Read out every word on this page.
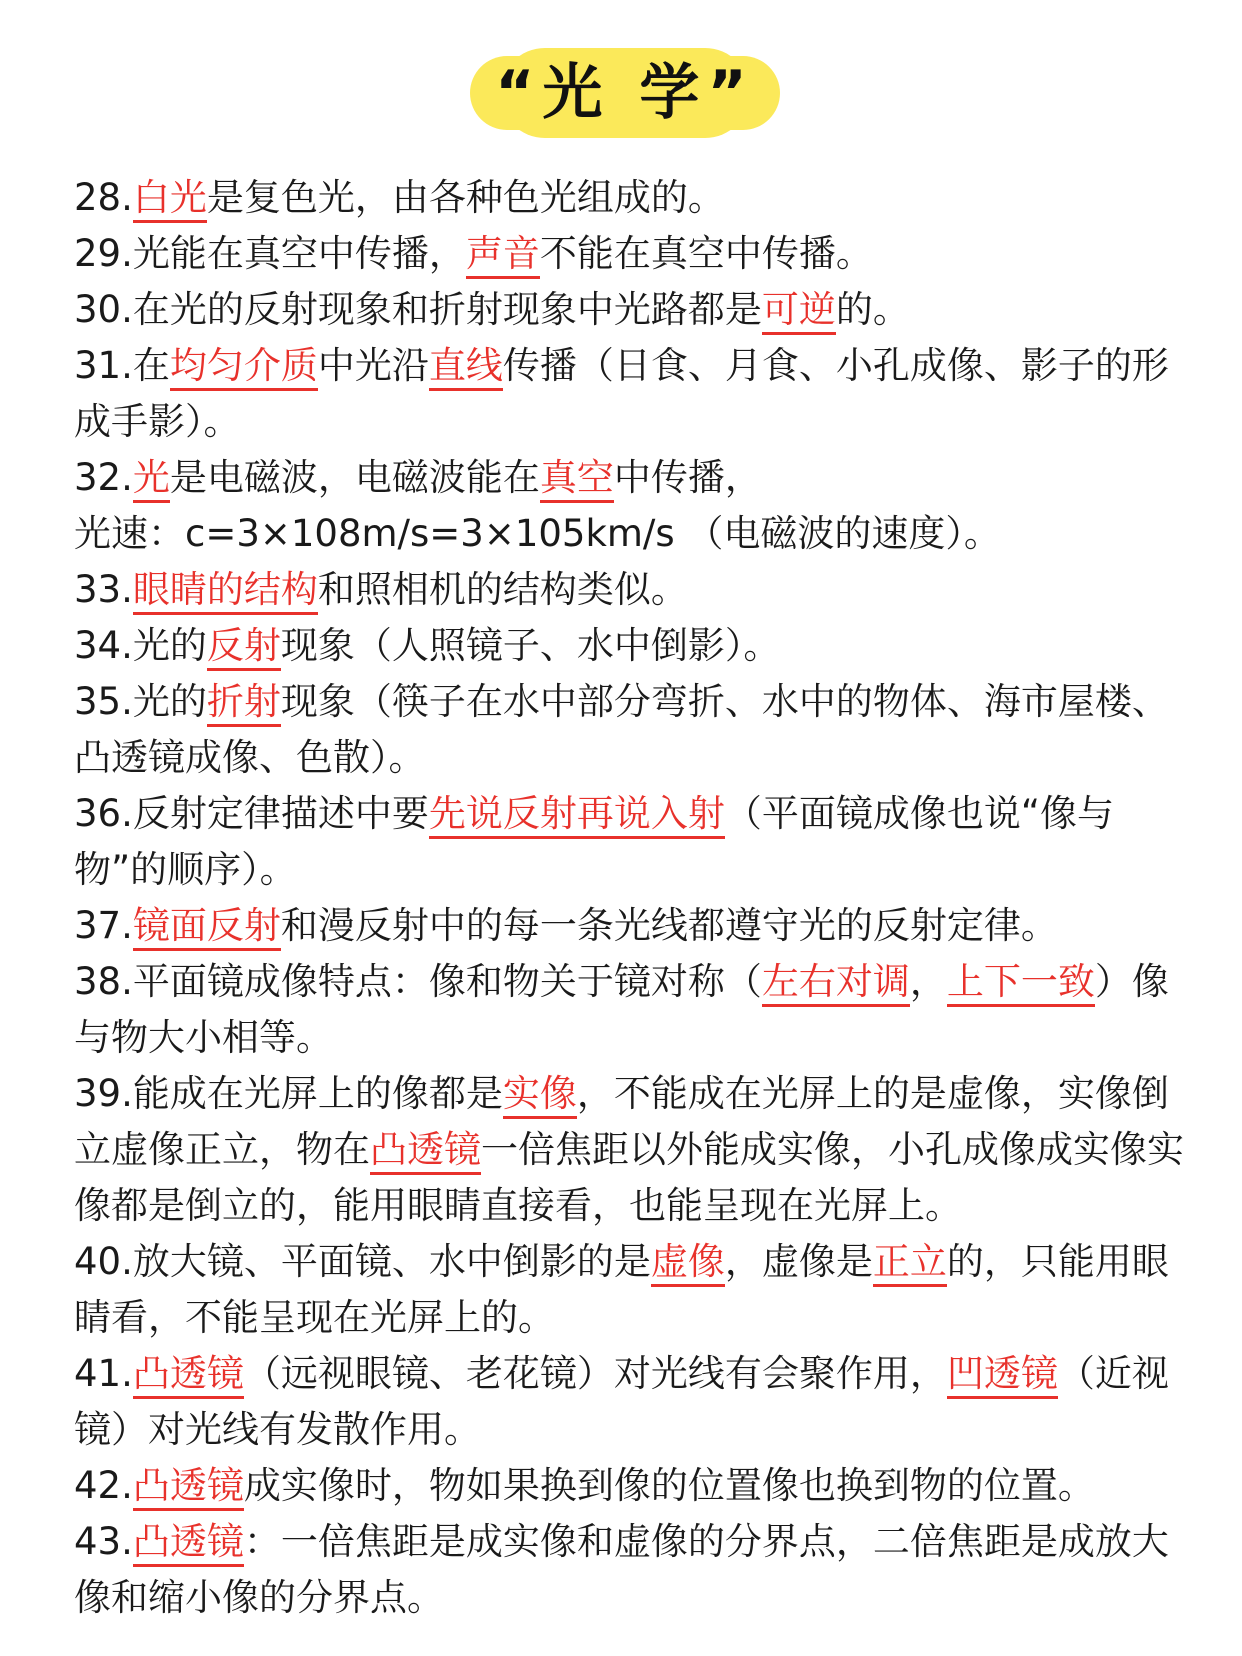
“光 学”

28.白光是复色光，由各种色光组成的。

29.光能在真空中传播，声音不能在真空中传播。

30.在光的反射现象和折射现象中光路都是可逆的。

31.在均匀介质中光沿直线传播（日食、月食、小孔成像、影子的形成手影）。

32.光是电磁波，电磁波能在真空中传播，
光速：c=3×108m/s=3×105km/s （电磁波的速度）。

33.眼睛的结构和照相机的结构类似。

34.光的反射现象（人照镜子、水中倒影）。

35.光的折射现象（筷子在水中部分弯折、水中的物体、海市屋楼、凸透镜成像、色散）。

36.反射定律描述中要先说反射再说入射（平面镜成像也说“像与物”的顺序）。

37.镜面反射和漫反射中的每一条光线都遵守光的反射定律。

38.平面镜成像特点：像和物关于镜对称（左右对调，上下一致）像与物大小相等。

39.能成在光屏上的像都是实像，不能成在光屏上的是虚像，实像倒立虚像正立，物在凸透镜一倍焦距以外能成实像，小孔成像成实像实像都是倒立的，能用眼睛直接看，也能呈现在光屏上。

40.放大镜、平面镜、水中倒影的是虚像，虚像是正立的，只能用眼睛看，不能呈现在光屏上的。

41.凸透镜（远视眼镜、老花镜）对光线有会聚作用，凹透镜（近视镜）对光线有发散作用。

42.凸透镜成实像时，物如果换到像的位置像也换到物的位置。

43.凸透镜：一倍焦距是成实像和虚像的分界点，二倍焦距是成放大像和缩小像的分界点。
